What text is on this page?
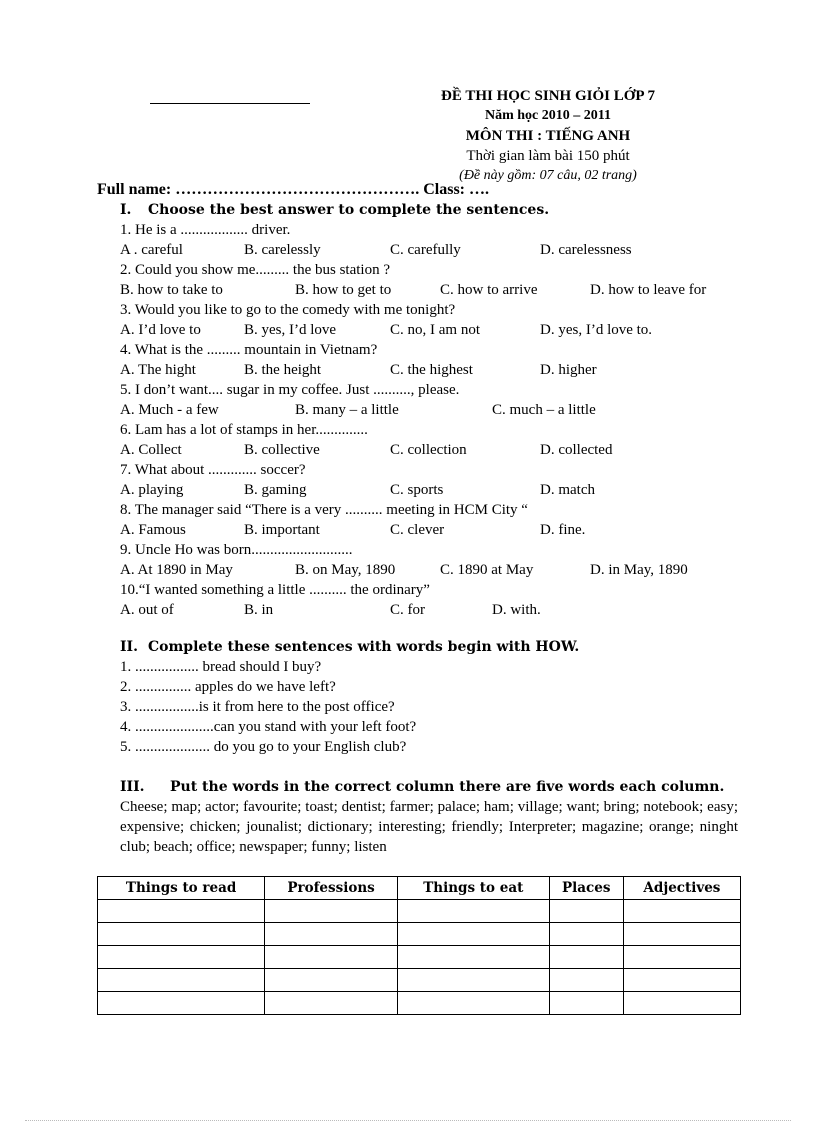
ĐỀ THI HỌC SINH GIỎI LỚP 7
Năm học 2010 – 2011
MÔN THI : TIẾNG ANH
Thời gian làm bài 150 phút
(Đề này gồm: 07 câu, 02 trang)
Full name: ………………………………………. Class: ….
I. Choose the best answer to complete the sentences.
1. He is a .................. driver.
A . careful	B. carelessly	C. carefully	D. carelessness
2. Could you show me......... the bus station ?
B. how to take to	B. how to get to	C. how to arrive	D. how to leave for
3. Would you like to go to the comedy with me tonight?
A. I’d love to	B. yes, I’d love	C. no, I am not	D. yes, I’d love to.
4. What is the ......... mountain in Vietnam?
A. The hight	B. the height	C. the highest	D. higher
5. I don’t want.... sugar in my coffee. Just .........., please.
A. Much - a few	B. many – a little	C. much – a little
6. Lam has a lot of stamps in her..............
A. Collect	B. collective	C. collection	D. collected
7. What about ............. soccer?
A. playing	B. gaming	C. sports	D. match
8. The manager said “There is a very .......... meeting in HCM City “
A. Famous	B. important	C. clever	D. fine.
9. Uncle Ho was born...........................
A. At 1890 in May	B. on May, 1890	C. 1890 at May	D. in May, 1890
10.“I wanted something a little .......... the ordinary”
A. out of	B. in	C. for	D. with.
II. Complete these sentences with words begin with HOW.
1. ................. bread should I buy?
2. ............... apples do we have left?
3. .................is it from here to the post office?
4. .....................can you stand with your left foot?
5. .................... do you go to your English club?
III. Put the words in the correct column there are five words each column.
Cheese; map; actor; favourite; toast; dentist; farmer; palace; ham; village; want; bring; notebook; easy; expensive; chicken; jounalist; dictionary; interesting; friendly; Interpreter; magazine; orange; ninght club; beach; office; newspaper; funny; listen
Things to read	Professions	Things to eat	Places	Adjectives
